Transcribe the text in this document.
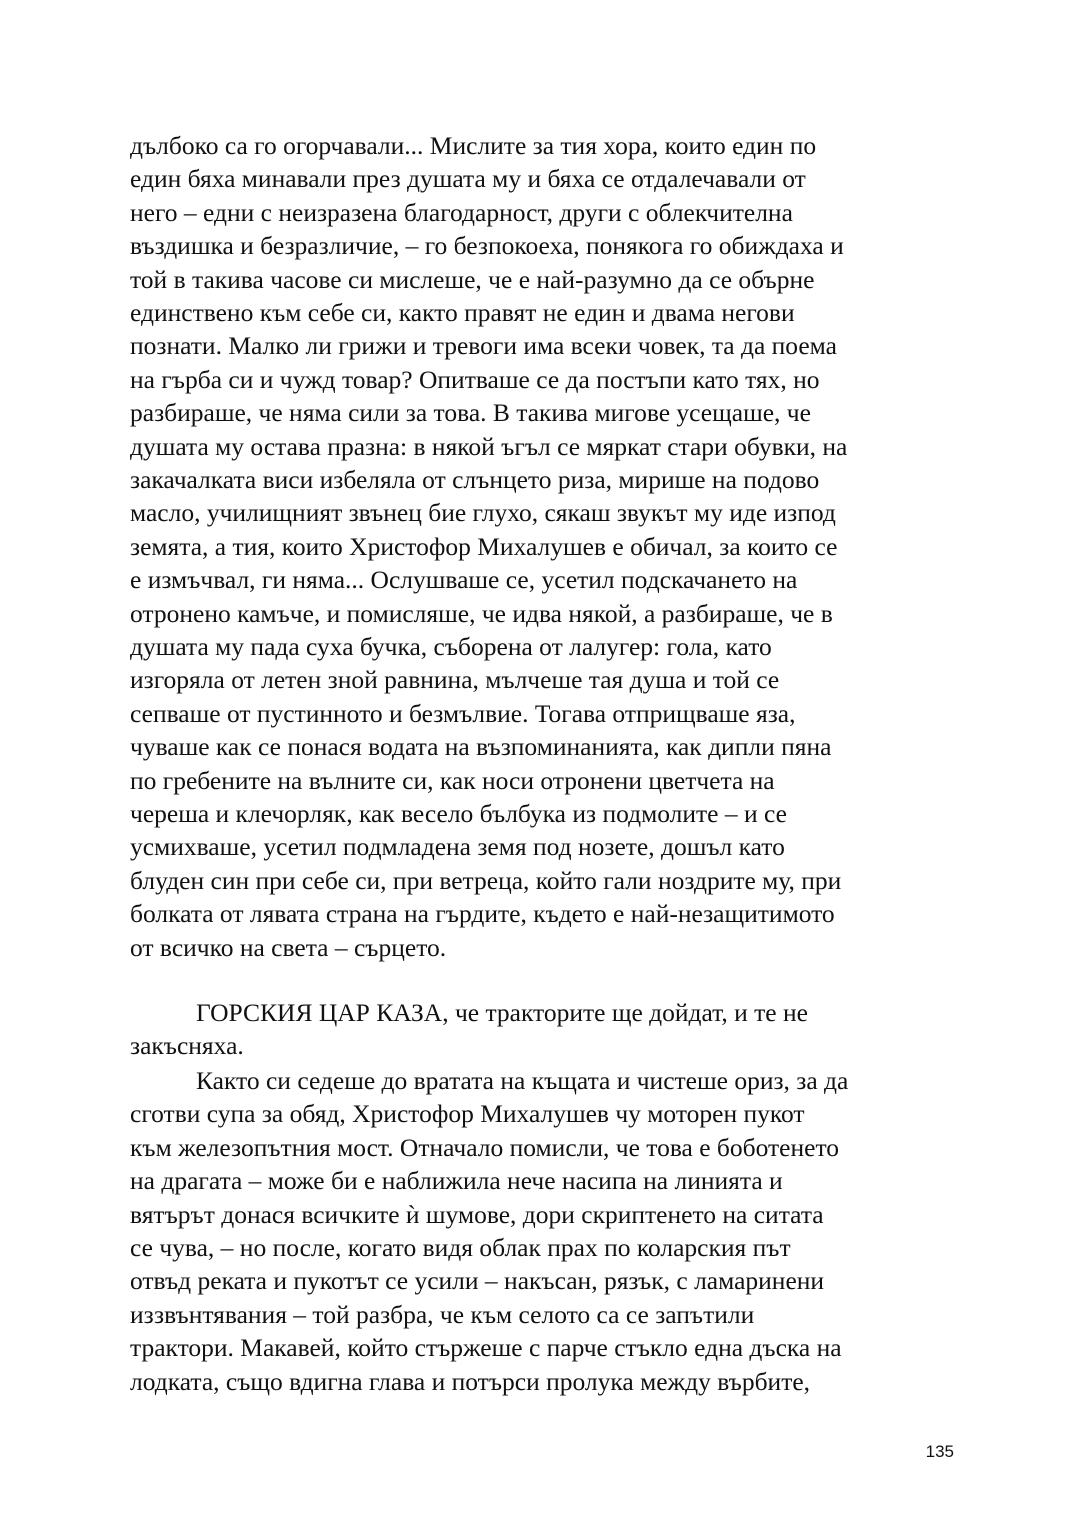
дълбоко са го огорчавали... Мислите за тия хора, които един по
един бяха минавали през душата му и бяха се отдалечавали от
него – едни с неизразена благодарност, други с облекчителна
въздишка и безразличие, – го безпокоеха, понякога го обиждаха и
той в такива часове си мислеше, че е най-разумно да се обърне
единствено към себе си, както правят не един и двама негови
познати. Малко ли грижи и тревоги има всеки човек, та да поема
на гърба си и чужд товар? Опитваше се да постъпи като тях, но
разбираше, че няма сили за това. В такива мигове усещаше, че
душата му остава празна: в някой ъгъл се мяркат стари обувки, на
закачалката виси избеляла от слънцето риза, мирише на подово
масло, училищният звънец бие глухо, сякаш звукът му иде изпод
земята, а тия, които Христофор Михалушев е обичал, за които се
е измъчвал, ги няма... Ослушваше се, усетил подскачането на
отронено камъче, и помисляше, че идва някой, а разбираше, че в
душата му пада суха бучка, съборена от лалугер: гола, като
изгоряла от летен зной равнина, мълчеше тая душа и той се
сепваше от пустинното и безмълвие. Тогава отприщваше яза,
чуваше как се понася водата на възпоминанията, как дипли пяна
по гребените на вълните си, как носи отронени цветчета на
череша и клечорляк, как весело бълбука из подмолите – и се
усмихваше, усетил подмладена земя под нозете, дошъл като
блуден син при себе си, при ветреца, който гали ноздрите му, при
болката от лявата страна на гърдите, където е най-незащитимото
от всичко на света – сърцето.
ГОРСКИЯ ЦАР КАЗА, че тракторите ще дойдат, и те не
закъсняха.
Както си седеше до вратата на къщата и чистеше ориз, за да
сготви супа за обяд, Христофор Михалушев чу моторен пукот
към железопътния мост. Отначало помисли, че това е боботенето
на драгата – може би е наближила нече насипа на линията и
вятърът донася всичките ѝ шумове, дори скриптенето на ситата
се чува, – но после, когато видя облак прах по коларския път
отвъд реката и пукотът се усили – накъсан, рязък, с ламаринени
иззвънтявания – той разбра, че към селото са се запътили
трактори. Макавей, който стържеше с парче стъкло една дъска на
лодката, също вдигна глава и потърси пролука между върбите,
135
